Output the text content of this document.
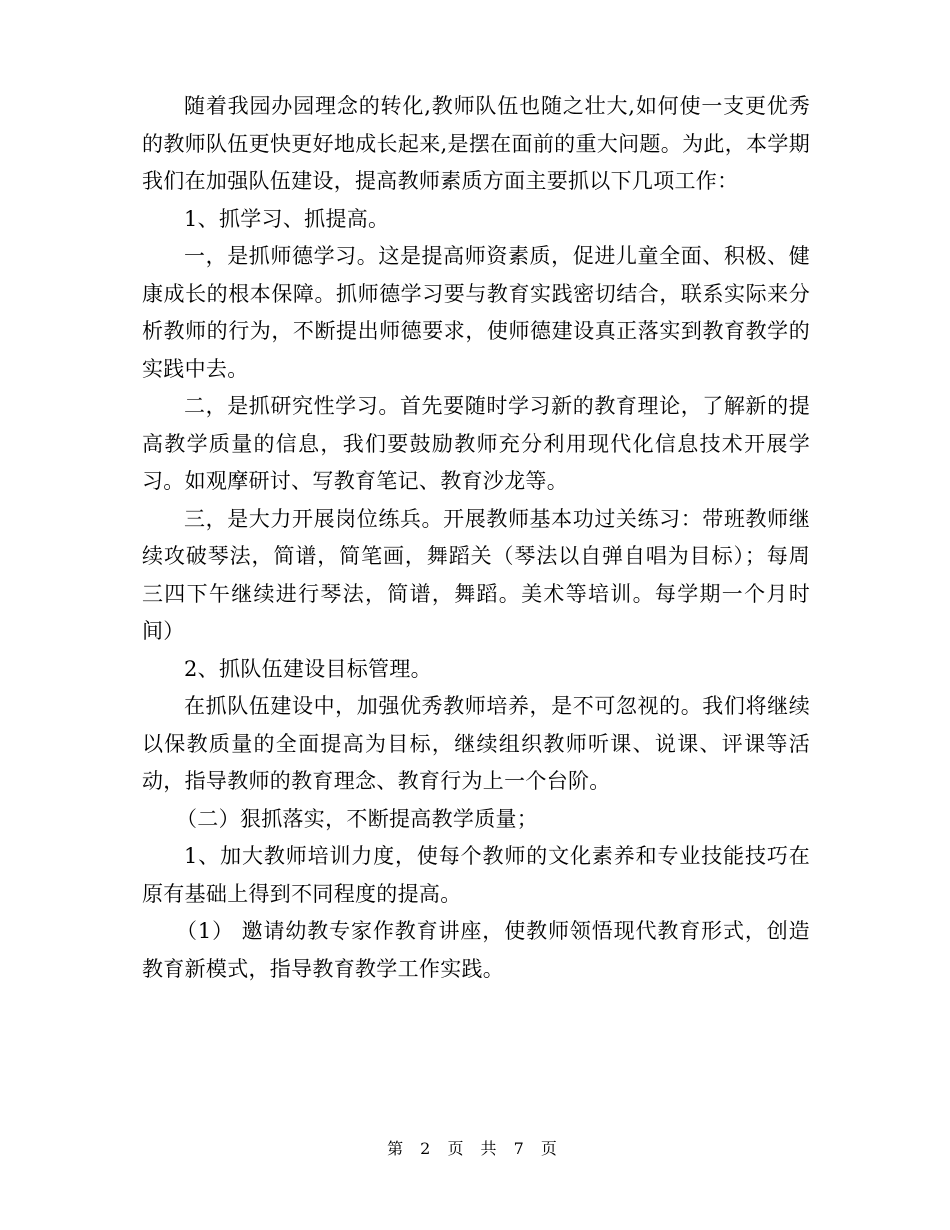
随着我园办园理念的转化,教师队伍也随之壮大,如何使一支更优秀的教师队伍更快更好地成长起来,是摆在面前的重大问题。为此，本学期我们在加强队伍建设，提高教师素质方面主要抓以下几项工作：

1、抓学习、抓提高。

一，是抓师德学习。这是提高师资素质，促进儿童全面、积极、健康成长的根本保障。抓师德学习要与教育实践密切结合，联系实际来分析教师的行为，不断提出师德要求，使师德建设真正落实到教育教学的实践中去。

二，是抓研究性学习。首先要随时学习新的教育理论，了解新的提高教学质量的信息，我们要鼓励教师充分利用现代化信息技术开展学习。如观摩研讨、写教育笔记、教育沙龙等。

三，是大力开展岗位练兵。开展教师基本功过关练习：带班教师继续攻破琴法，简谱，简笔画，舞蹈关（琴法以自弹自唱为目标）；每周三四下午继续进行琴法，简谱，舞蹈。美术等培训。每学期一个月时间）

2、抓队伍建设目标管理。

在抓队伍建设中，加强优秀教师培养，是不可忽视的。我们将继续以保教质量的全面提高为目标，继续组织教师听课、说课、评课等活动，指导教师的教育理念、教育行为上一个台阶。

（二）狠抓落实，不断提高教学质量；

1、加大教师培训力度，使每个教师的文化素养和专业技能技巧在原有基础上得到不同程度的提高。

（1） 邀请幼教专家作教育讲座，使教师领悟现代教育形式，创造教育新模式，指导教育教学工作实践。

第 2 页 共 7 页
